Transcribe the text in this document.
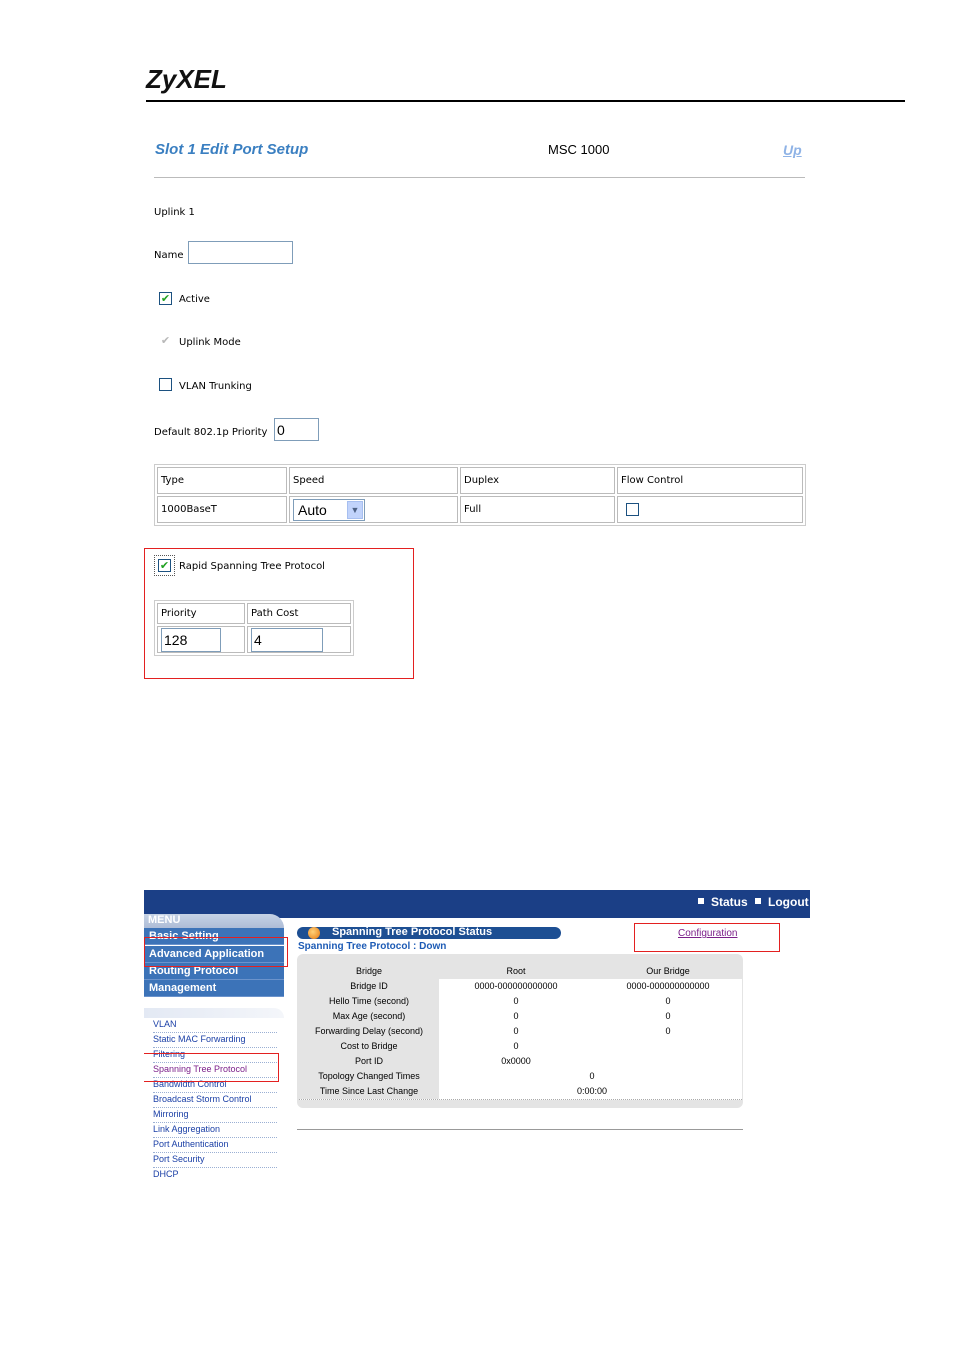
ZyXEL
Slot 1 Edit Port Setup	MSC 1000	Up
Uplink 1
Name
✔ Active
✔ Uplink Mode
VLAN Trunking
Default 802.1p Priority
0
Type	Speed	Duplex	Flow Control
1000BaseT	Auto ▼	Full	
✔ Rapid Spanning Tree Protocol
Priority	Path Cost
128	4
Status	Logout
MENU
Basic Setting
Advanced Application
Routing Protocol
Management
VLAN
Static MAC Forwarding
Filtering
Spanning Tree Protocol
Bandwidth Control
Broadcast Storm Control
Mirroring
Link Aggregation
Port Authentication
Port Security
DHCP
Spanning Tree Protocol Status
Spanning Tree Protocol : Down
Configuration
Bridge	Root	Our Bridge
Bridge ID	0000-000000000000	0000-000000000000
Hello Time (second)	0	0
Max Age (second)	0	0
Forwarding Delay (second)	0	0
Cost to Bridge	0
Port ID	0x0000
Topology Changed Times	0
Time Since Last Change	0:00:00
